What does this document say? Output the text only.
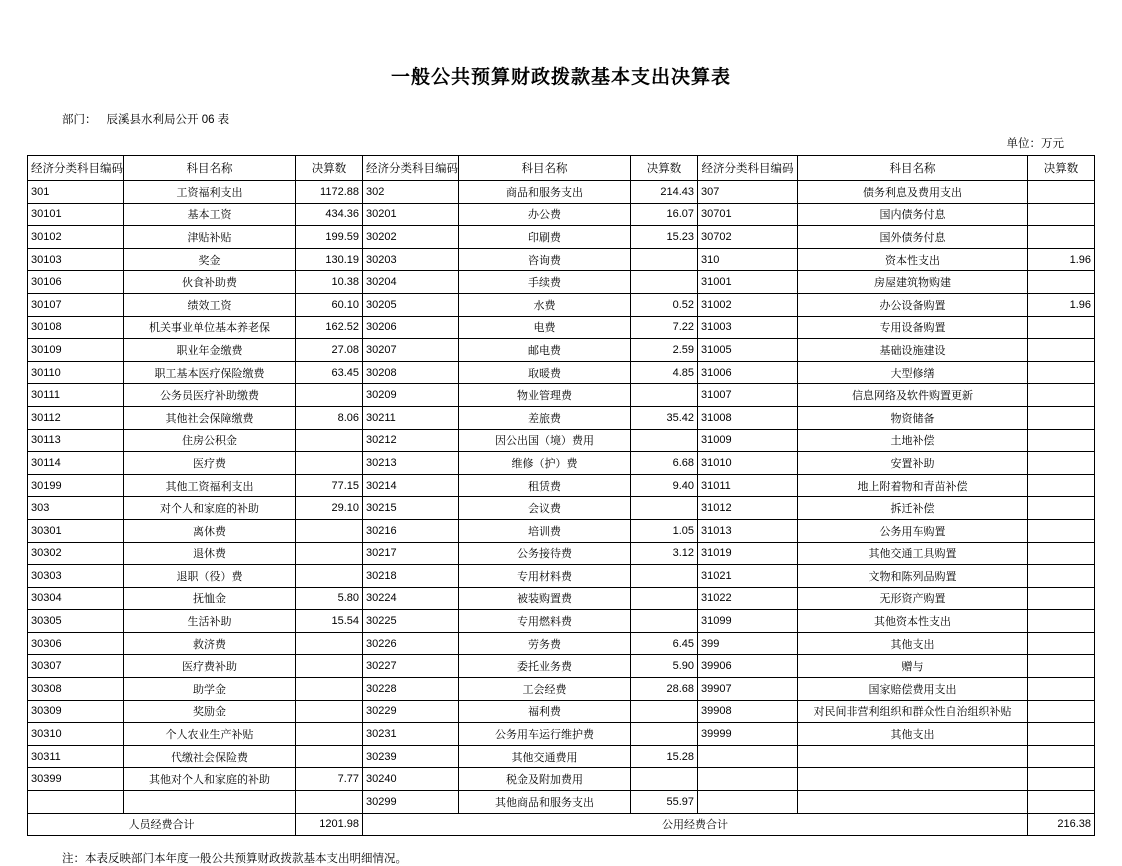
一般公共预算财政拨款基本支出决算表
部门： 辰溪县水利局公开 06 表
单位：万元
经济分类科目编码	科目名称	决算数	经济分类科目编码	科目名称	决算数	经济分类科目编码	科目名称	决算数
301	工资福利支出	1172.88	302	商品和服务支出	214.43	307	债务利息及费用支出	
30101	基本工资	434.36	30201	办公费	16.07	30701	国内债务付息	
30102	津贴补贴	199.59	30202	印刷费	15.23	30702	国外债务付息	
30103	奖金	130.19	30203	咨询费		310	资本性支出	1.96
30106	伙食补助费	10.38	30204	手续费		31001	房屋建筑物购建	
30107	绩效工资	60.10	30205	水费	0.52	31002	办公设备购置	1.96
30108	机关事业单位基本养老保	162.52	30206	电费	7.22	31003	专用设备购置	
30109	职业年金缴费	27.08	30207	邮电费	2.59	31005	基础设施建设	
30110	职工基本医疗保险缴费	63.45	30208	取暖费	4.85	31006	大型修缮	
30111	公务员医疗补助缴费		30209	物业管理费		31007	信息网络及软件购置更新	
30112	其他社会保障缴费	8.06	30211	差旅费	35.42	31008	物资储备	
30113	住房公积金		30212	因公出国（境）费用		31009	土地补偿	
30114	医疗费		30213	维修（护）费	6.68	31010	安置补助	
30199	其他工资福利支出	77.15	30214	租赁费	9.40	31011	地上附着物和青苗补偿	
303	对个人和家庭的补助	29.10	30215	会议费		31012	拆迁补偿	
30301	离休费		30216	培训费	1.05	31013	公务用车购置	
30302	退休费		30217	公务接待费	3.12	31019	其他交通工具购置	
30303	退职（役）费		30218	专用材料费		31021	文物和陈列品购置	
30304	抚恤金	5.80	30224	被装购置费		31022	无形资产购置	
30305	生活补助	15.54	30225	专用燃料费		31099	其他资本性支出	
30306	救济费		30226	劳务费	6.45	399	其他支出	
30307	医疗费补助		30227	委托业务费	5.90	39906	赠与	
30308	助学金		30228	工会经费	28.68	39907	国家赔偿费用支出	
30309	奖励金		30229	福利费		39908	对民间非营利组织和群众性自治组织补贴	
30310	个人农业生产补贴		30231	公务用车运行维护费		39999	其他支出	
30311	代缴社会保险费		30239	其他交通费用	15.28			
30399	其他对个人和家庭的补助	7.77	30240	税金及附加费用				
			30299	其他商品和服务支出	55.97			
人员经费合计		1201.98	公用经费合计					216.38
注：本表反映部门本年度一般公共预算财政拨款基本支出明细情况。
